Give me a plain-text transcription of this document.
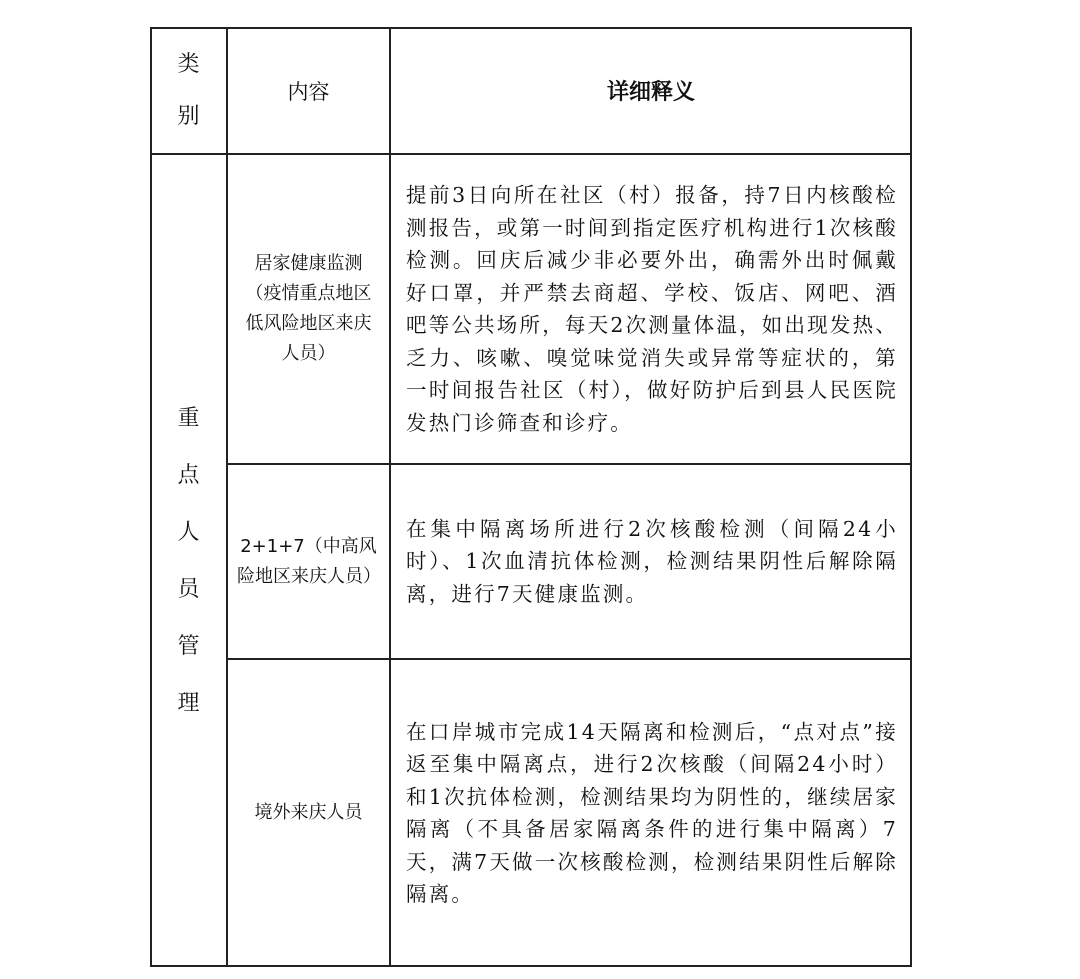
类
别
内容	详细释义
重
点
人
员
管
理
居家健康监测（疫情重点地区低风险地区来庆人员）
提前3日向所在社区（村）报备，持7日内核酸检测报告，或第一时间到指定医疗机构进行1次核酸检测。回庆后减少非必要外出，确需外出时佩戴好口罩，并严禁去商超、学校、饭店、网吧、酒吧等公共场所，每天2次测量体温，如出现发热、乏力、咳嗽、嗅觉味觉消失或异常等症状的，第一时间报告社区（村），做好防护后到县人民医院发热门诊筛查和诊疗。
2+1+7（中高风险地区来庆人员）
在集中隔离场所进行2次核酸检测（间隔24小时）、1次血清抗体检测，检测结果阴性后解除隔离，进行7天健康监测。
境外来庆人员
在口岸城市完成14天隔离和检测后，“点对点”接返至集中隔离点，进行2次核酸（间隔24小时）和1次抗体检测，检测结果均为阴性的，继续居家隔离（不具备居家隔离条件的进行集中隔离）7天，满7天做一次核酸检测，检测结果阴性后解除隔离。
